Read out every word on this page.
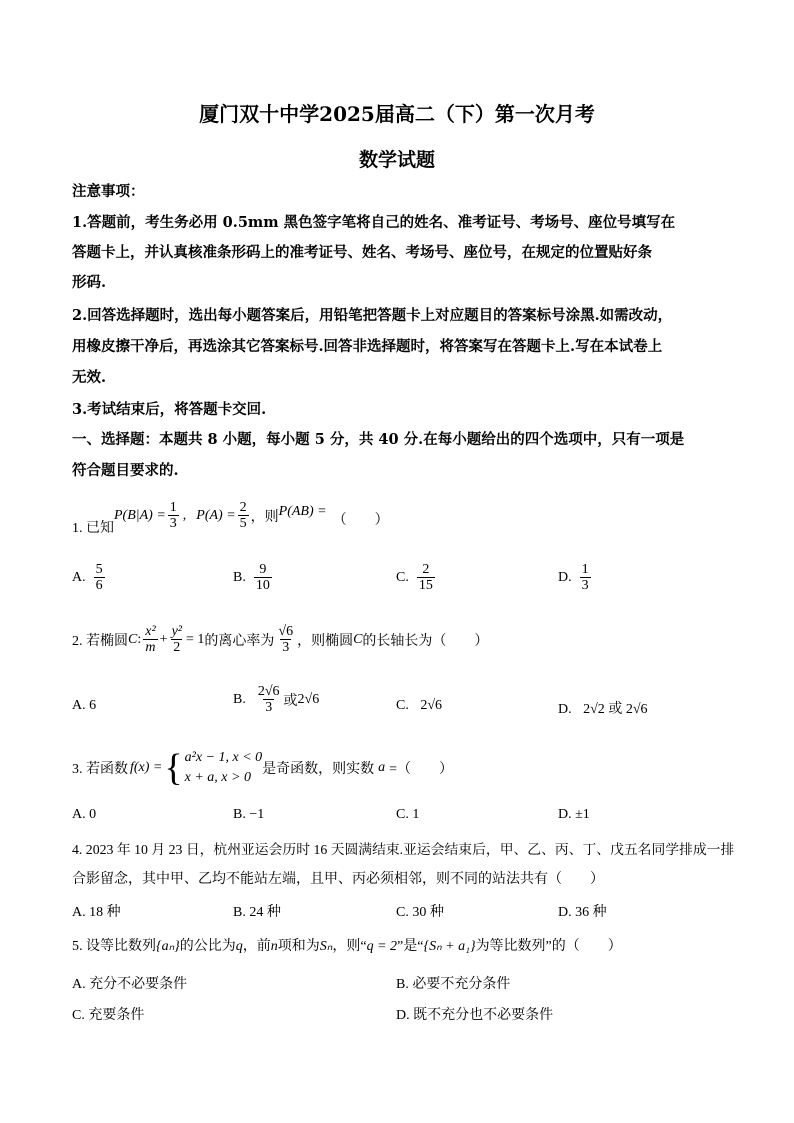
厦门双十中学2025届高二（下）第一次月考
数学试题
注意事项：
1.答题前，考生务必用 0.5mm 黑色签字笔将自己的姓名、准考证号、考场号、座位号填写在
答题卡上，并认真核准条形码上的准考证号、姓名、考场号、座位号，在规定的位置贴好条
形码.
2.回答选择题时，选出每小题答案后，用铅笔把答题卡上对应题目的答案标号涂黑.如需改动，
用橡皮擦干净后，再选涂其它答案标号.回答非选择题时，将答案写在答题卡上.写在本试卷上
无效.
3.考试结束后，将答题卡交回.
一、选择题：本题共 8 小题，每小题 5 分，共 40 分.在每小题给出的四个选项中，只有一项是
符合题目要求的.
1. 已知
$P(B|A) = \frac{1}{3}$ , $P(A) = \frac{2}{5}$ ，则 P(AB) =
（　　）
A. $\frac{5}{6}$	B. $\frac{9}{10}$	C. $\frac{2}{15}$	D. $\frac{1}{3}$
2. 若椭圆 C : $\frac{\text{x²}}{m} + \frac{\text{y²}}{2} = 1$ 的离心率为 $\frac{√6}{3}$ ，则椭圆 C 的长轴长为（　　）
A. 6	B. $\frac{2√6}{3}$ 或 2√6	C. 2√6	D. 2√2 或 2√6
3. 若函数 f(x) = { a²x − 1, x < 0
x + a, x > 0
是奇函数，则实数 a =（　　）
A. 0	B. −1	C. 1	D. ±1
4. 2023 年 10 月 23 日，杭州亚运会历时 16 天圆满结束.亚运会结束后，甲、乙、丙、丁、戊五名同学排成一排
合影留念，其中甲、乙均不能站左端，且甲、丙必须相邻，则不同的站法共有（　　）
A. 18 种	B. 24 种	C. 30 种	D. 36 种
5. 设等比数列{aₙ}的公比为q，前n项和为Sₙ，则“q = 2”是“{Sₙ + a₁}为等比数列”的（　　）
A. 充分不必要条件	B. 必要不充分条件
C. 充要条件	D. 既不充分也不必要条件
